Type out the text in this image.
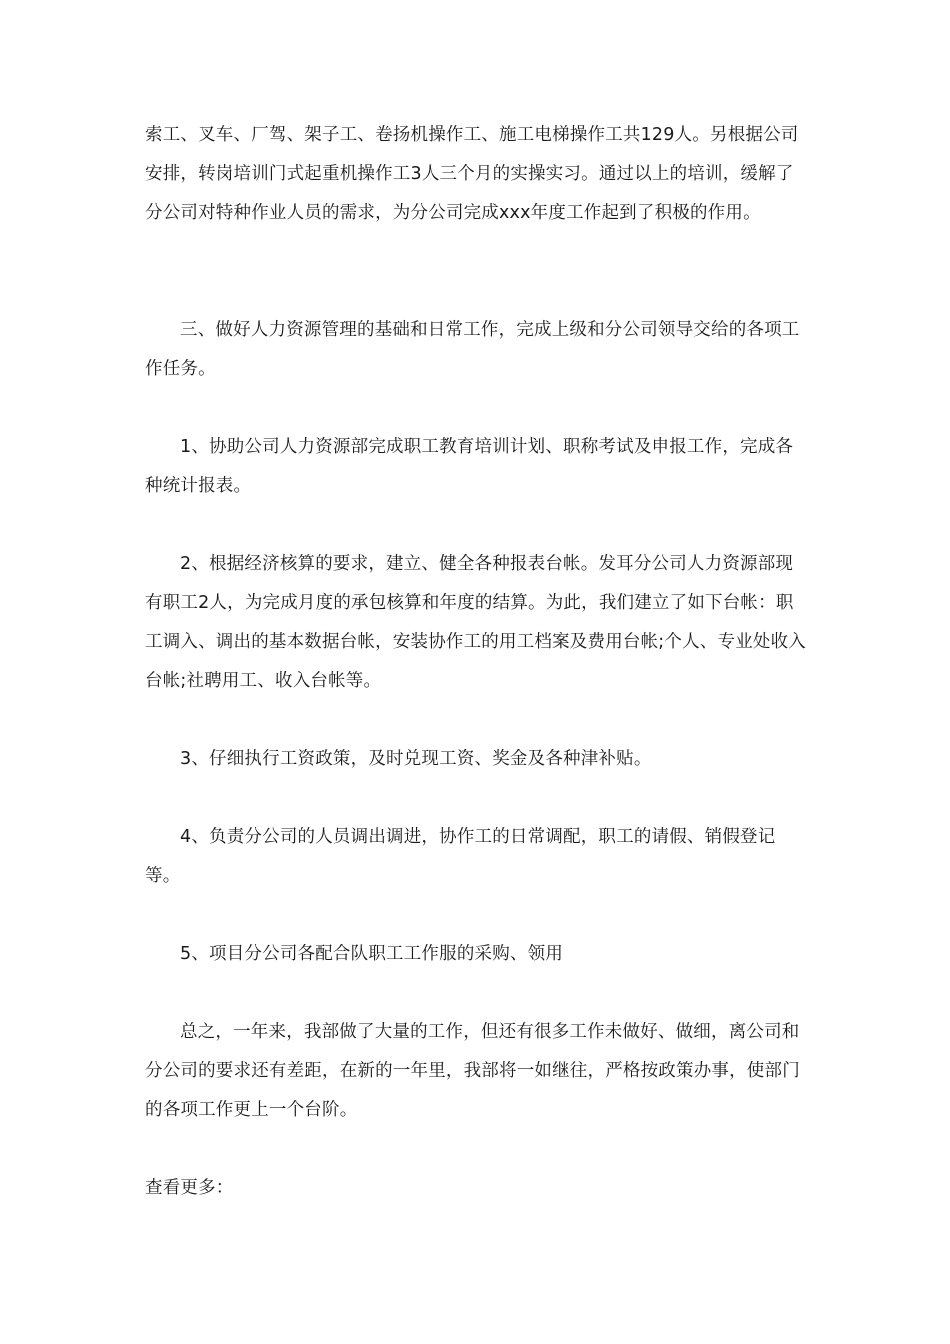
索工、叉车、厂驾、架子工、卷扬机操作工、施工电梯操作工共129人。另根据公司安排，转岗培训门式起重机操作工3人三个月的实操实习。通过以上的培训，缓解了分公司对特种作业人员的需求，为分公司完成xxx年度工作起到了积极的作用。

三、做好人力资源管理的基础和日常工作，完成上级和分公司领导交给的各项工作任务。

1、协助公司人力资源部完成职工教育培训计划、职称考试及申报工作，完成各种统计报表。

2、根据经济核算的要求，建立、健全各种报表台帐。发耳分公司人力资源部现有职工2人，为完成月度的承包核算和年度的结算。为此，我们建立了如下台帐：职工调入、调出的基本数据台帐，安装协作工的用工档案及费用台帐;个人、专业处收入台帐;社聘用工、收入台帐等。

3、仔细执行工资政策，及时兑现工资、奖金及各种津补贴。

4、负责分公司的人员调出调进，协作工的日常调配，职工的请假、销假登记等。

5、项目分公司各配合队职工工作服的采购、领用

总之，一年来，我部做了大量的工作，但还有很多工作未做好、做细，离公司和分公司的要求还有差距，在新的一年里，我部将一如继往，严格按政策办事，使部门的各项工作更上一个台阶。

查看更多：
